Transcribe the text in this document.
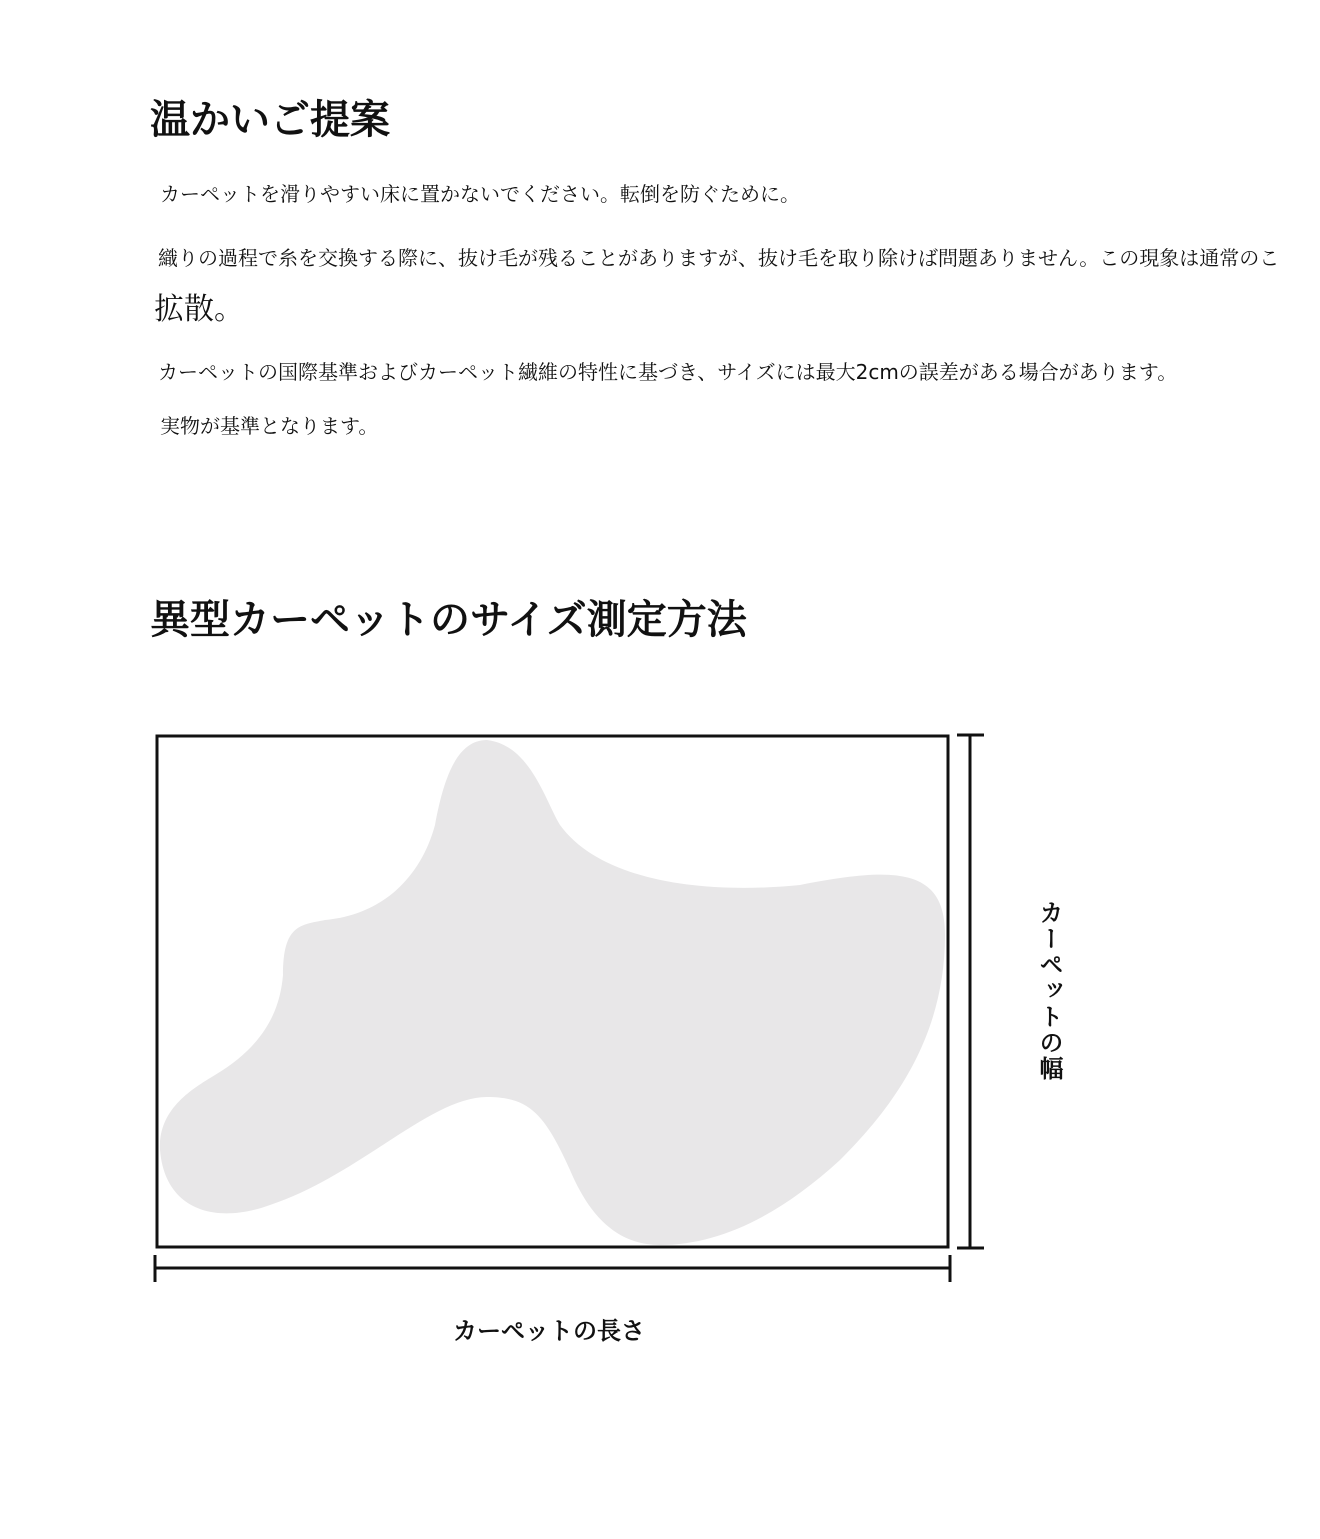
温かいご提案
カーペットを滑りやすい床に置かないでください。転倒を防ぐために。
織りの過程で糸を交換する際に、抜け毛が残ることがありますが、抜け毛を取り除けば問題ありません。この現象は通常のこ
拡散。
カーペットの国際基準およびカーペット繊維の特性に基づき、サイズには最大2cmの誤差がある場合があります。
実物が基準となります。
異型カーペットのサイズ測定方法
カーペットの幅
カーペットの長さ
